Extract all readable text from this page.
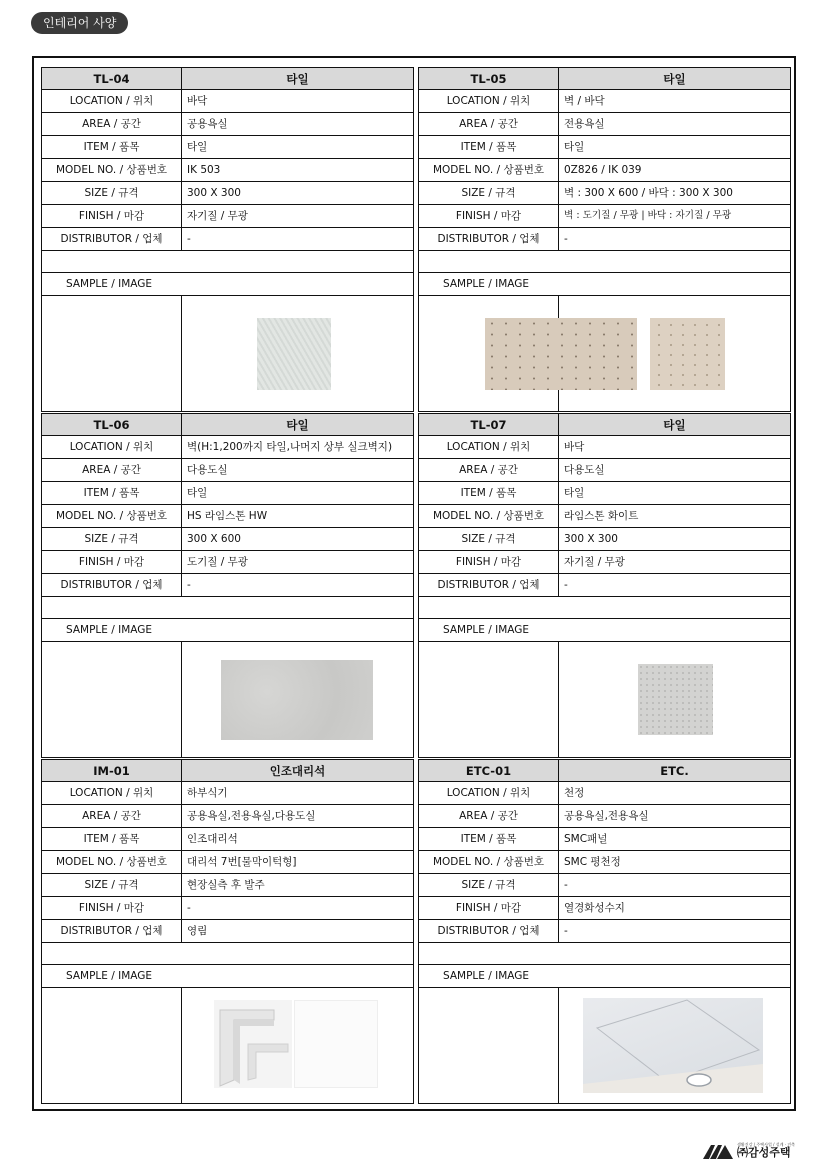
인테리어 사양
TL-04	타일
LOCATION / 위치	바닥
AREA / 공간	공용욕실
ITEM / 품목	타일
MODEL NO. / 상품번호	IK 503
SIZE / 규격	300 X 300
FINISH / 마감	자기질 / 무광
DISTRIBUTOR / 업체	-
SAMPLE / IMAGE
TL-06	타일
LOCATION / 위치	벽(H:1,200까지 타일,나머지 상부 실크벽지)
AREA / 공간	다용도실
ITEM / 품목	타일
MODEL NO. / 상품번호	HS 라임스톤 HW
SIZE / 규격	300 X 600
FINISH / 마감	도기질 / 무광
DISTRIBUTOR / 업체	-
SAMPLE / IMAGE
IM-01	인조대리석
LOCATION / 위치	하부식기
AREA / 공간	공용욕실,전용욕실,다용도실
ITEM / 품목	인조대리석
MODEL NO. / 상품번호	대리석 7번[물막이턱형]
SIZE / 규격	현장실측 후 발주
FINISH / 마감	-
DISTRIBUTOR / 업체	영림
SAMPLE / IMAGE
TL-05	타일
LOCATION / 위치	벽 / 바닥
AREA / 공간	전용욕실
ITEM / 품목	타일
MODEL NO. / 상품번호	0Z826 / IK 039
SIZE / 규격	벽 : 300 X 600 / 바닥 : 300 X 300
FINISH / 마감	벽 : 도기질 / 무광 | 바닥 : 자기질 / 무광
DISTRIBUTOR / 업체	-
SAMPLE / IMAGE
TL-07	타일
LOCATION / 위치	바닥
AREA / 공간	다용도실
ITEM / 품목	타일
MODEL NO. / 상품번호	라임스톤 화이트
SIZE / 규격	300 X 300
FINISH / 마감	자기질 / 무광
DISTRIBUTOR / 업체	-
SAMPLE / IMAGE
ETC-01	ETC.
LOCATION / 위치	천정
AREA / 공간	공용욕실,전용욕실
ITEM / 품목	SMC패널
MODEL NO. / 상품번호	SMC 평천정
SIZE / 규격	-
FINISH / 마감	열경화성수지
DISTRIBUTOR / 업체	-
SAMPLE / IMAGE
생활건강 / 주택사업 / 설계 · 건축
㈜감성주택
